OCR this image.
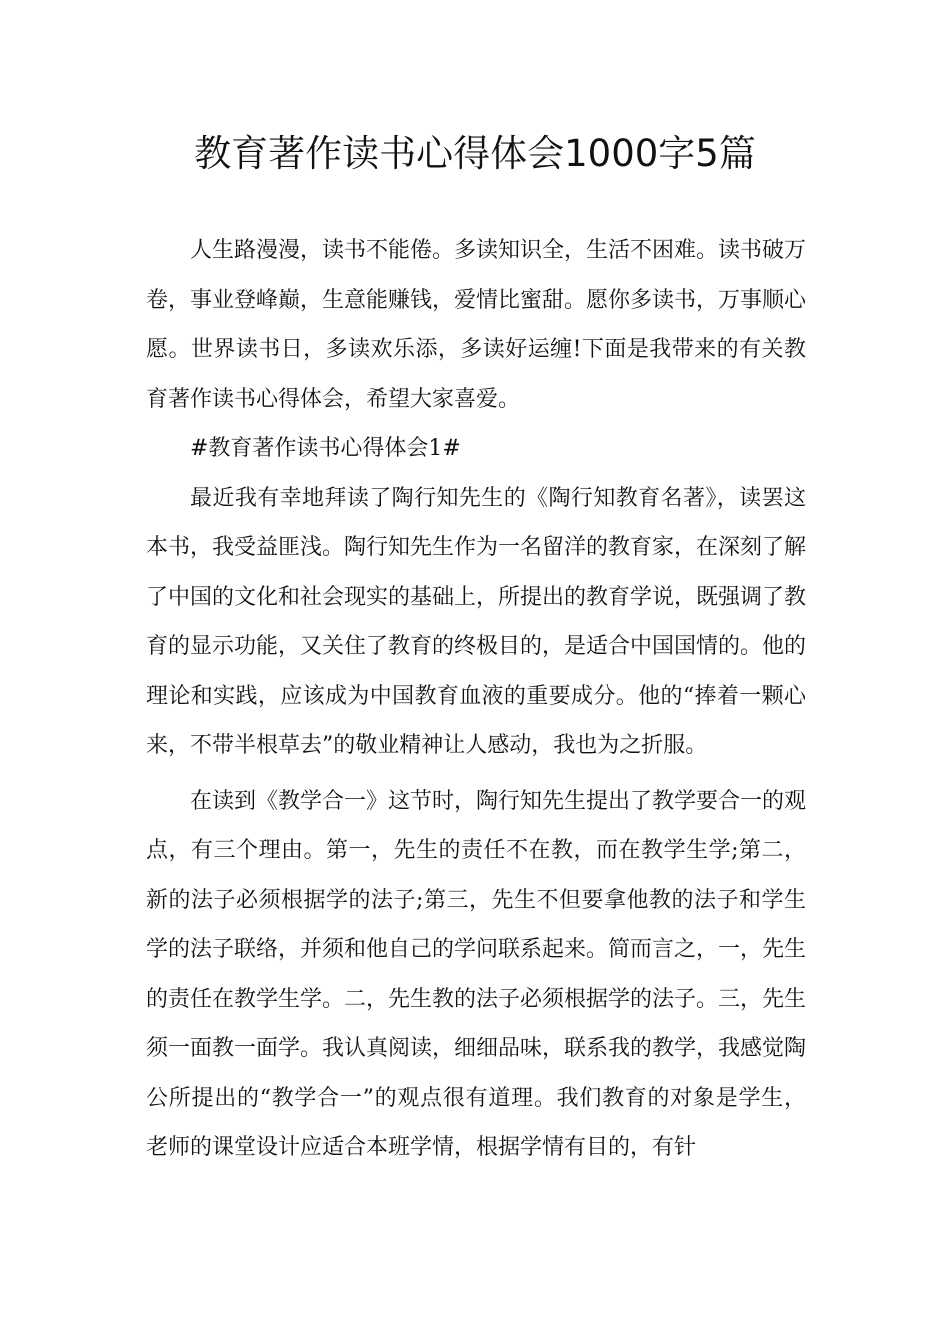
教育著作读书心得体会1000字5篇

人生路漫漫，读书不能倦。多读知识全，生活不困难。读书破万卷，事业登峰巅，生意能赚钱，爱情比蜜甜。愿你多读书，万事顺心愿。世界读书日，多读欢乐添，多读好运缠!下面是我带来的有关教育著作读书心得体会，希望大家喜爱。

#教育著作读书心得体会1#

最近我有幸地拜读了陶行知先生的《陶行知教育名著》，读罢这本书，我受益匪浅。陶行知先生作为一名留洋的教育家，在深刻了解了中国的文化和社会现实的基础上，所提出的教育学说，既强调了教育的显示功能，又关住了教育的终极目的，是适合中国国情的。他的理论和实践，应该成为中国教育血液的重要成分。他的“捧着一颗心来，不带半根草去”的敬业精神让人感动，我也为之折服。

在读到《教学合一》这节时，陶行知先生提出了教学要合一的观点，有三个理由。第一，先生的责任不在教，而在教学生学;第二，新的法子必须根据学的法子;第三，先生不但要拿他教的法子和学生学的法子联络，并须和他自己的学问联系起来。简而言之，一，先生的责任在教学生学。二，先生教的法子必须根据学的法子。三，先生须一面教一面学。我认真阅读，细细品味，联系我的教学，我感觉陶公所提出的“教学合一”的观点很有道理。我们教育的对象是学生，老师的课堂设计应适合本班学情，根据学情有目的，有针
